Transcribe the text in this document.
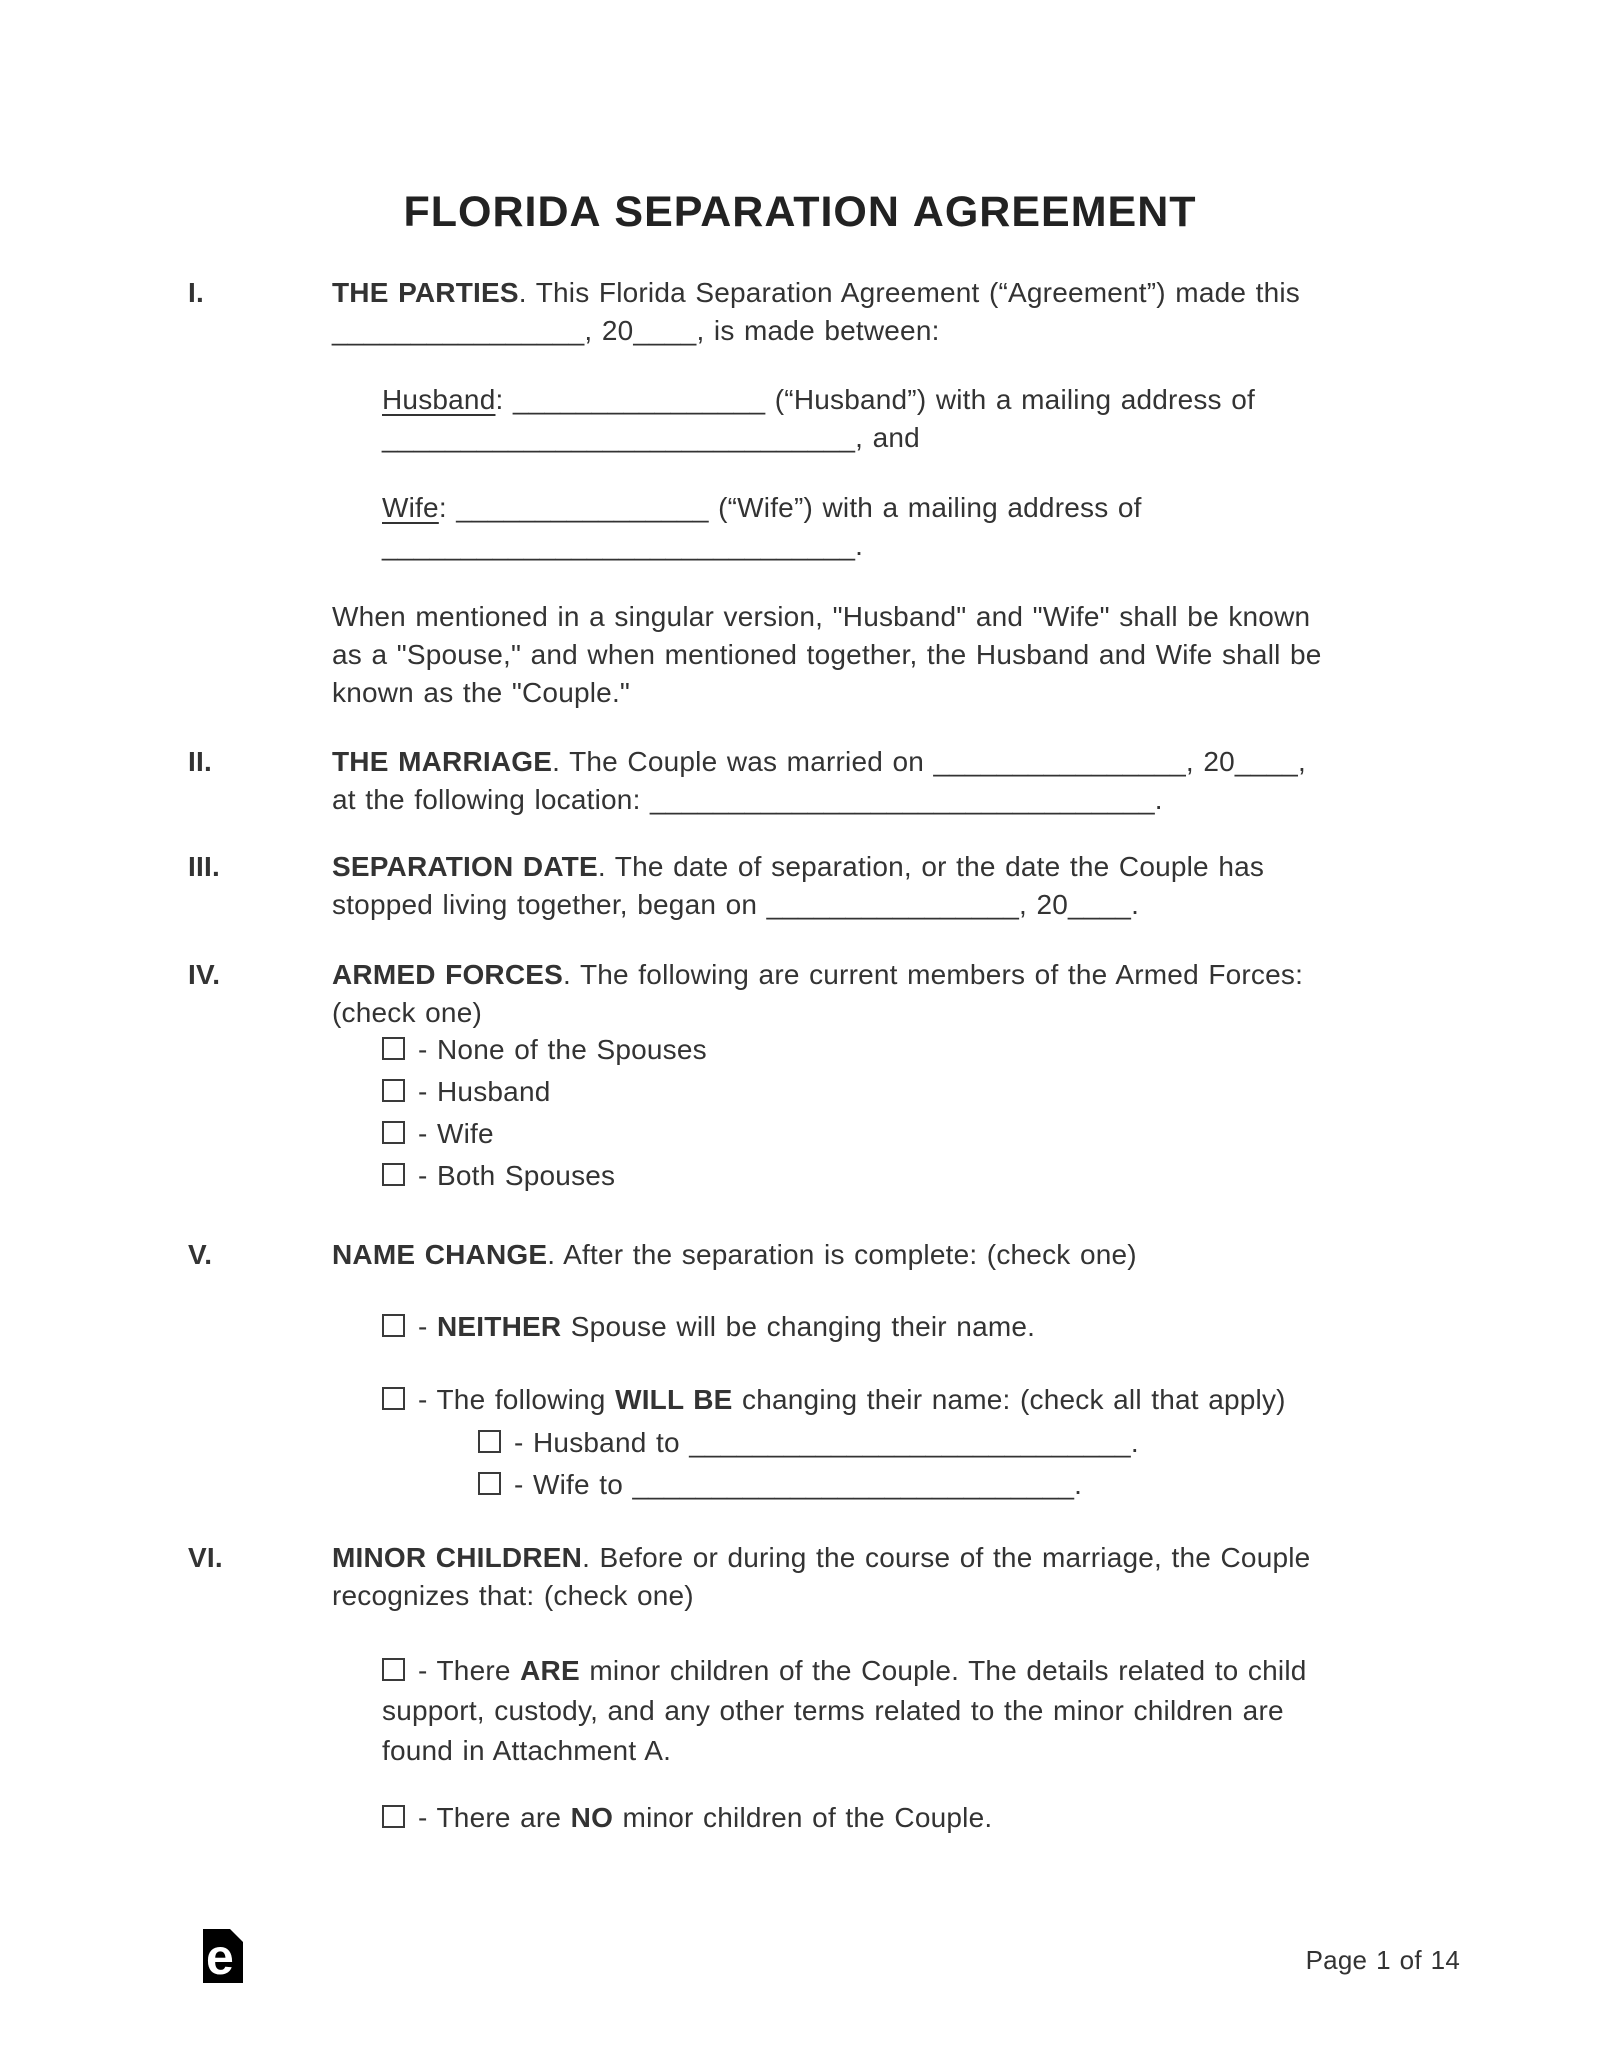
FLORIDA SEPARATION AGREEMENT
I.	THE PARTIES. This Florida Separation Agreement (“Agreement”) made this
________________, 20____, is made between:
Husband: ________________ (“Husband”) with a mailing address of
______________________________, and
Wife: ________________ (“Wife”) with a mailing address of
______________________________.
When mentioned in a singular version, "Husband" and "Wife" shall be known
as a "Spouse," and when mentioned together, the Husband and Wife shall be
known as the "Couple."
II.	THE MARRIAGE. The Couple was married on ________________, 20____,
at the following location: ________________________________.
III.	SEPARATION DATE. The date of separation, or the date the Couple has
stopped living together, began on ________________, 20____.
IV.	ARMED FORCES. The following are current members of the Armed Forces:
(check one)
- None of the Spouses
- Husband
- Wife
- Both Spouses
V.	NAME CHANGE. After the separation is complete: (check one)
- NEITHER Spouse will be changing their name.
- The following WILL BE changing their name: (check all that apply)
- Husband to ____________________________.
- Wife to ____________________________.
VI.	MINOR CHILDREN. Before or during the course of the marriage, the Couple
recognizes that: (check one)
- There ARE minor children of the Couple. The details related to child
support, custody, and any other terms related to the minor children are
found in Attachment A.
- There are NO minor children of the Couple.
e	Page 1 of 14
